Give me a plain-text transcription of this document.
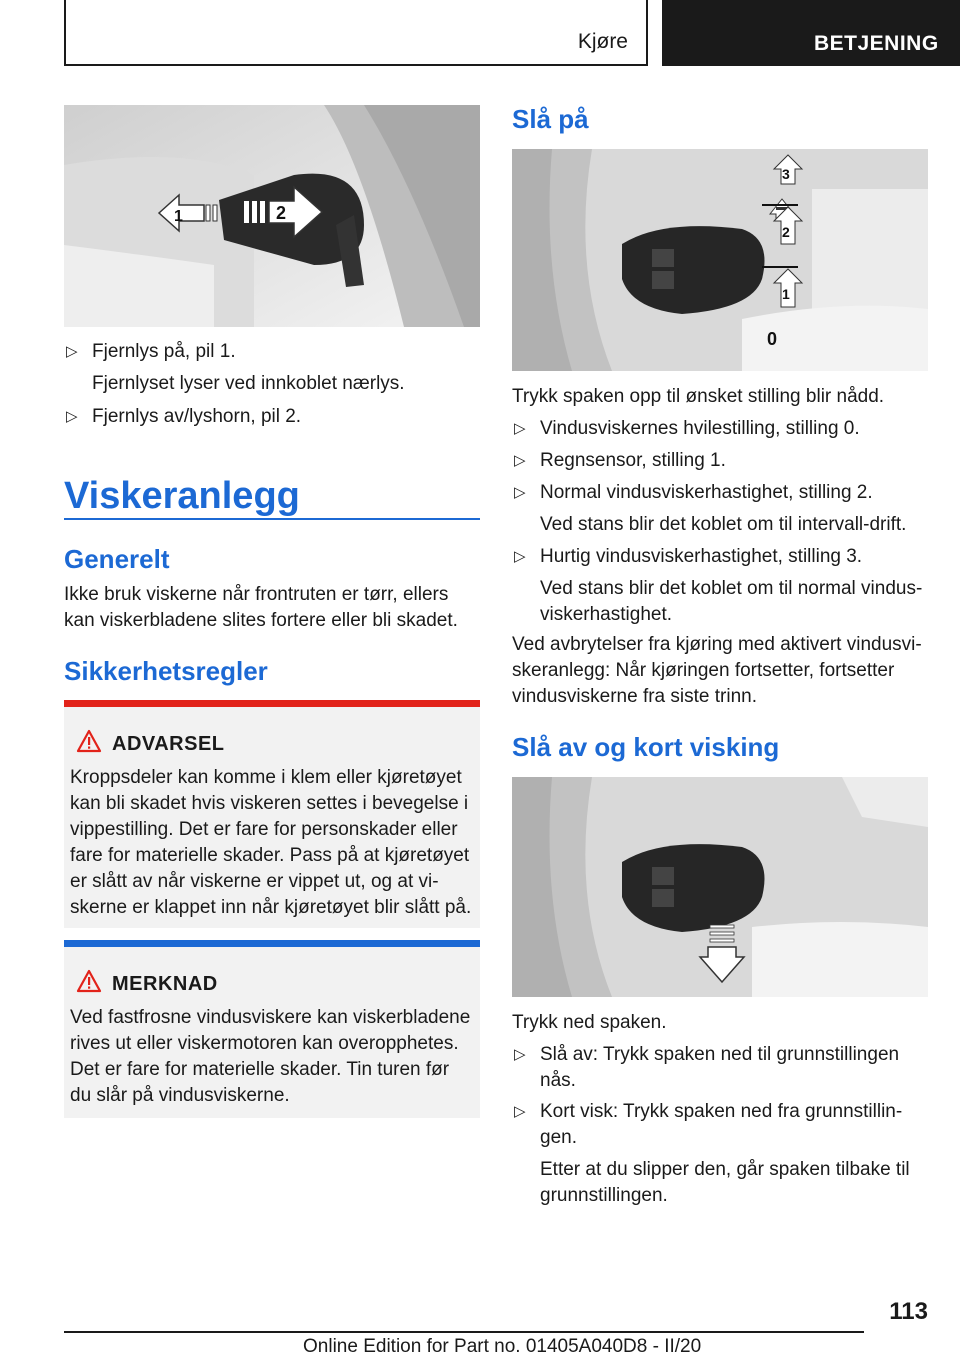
Kjøre	BETJENING
1	2
▷ Fjernlys på, pil 1.
Fjernlyset lyser ved innkoblet nærlys.
▷ Fjernlys av/lyshorn, pil 2.
Viskeranlegg
Generelt
Ikke bruk viskerne når frontruten er tørr, ellers kan viskerbladene slites fortere eller bli skadet.
Sikkerhetsregler
ADVARSEL
Kroppsdeler kan komme i klem eller kjøretøyet kan bli skadet hvis viskeren settes i bevegelse i vippestilling. Det er fare for personskader eller fare for materielle skader. Pass på at kjøretøyet er slått av når viskerne er vippet ut, og at viskerne er klappet inn når kjøretøyet blir slått på.
MERKNAD
Ved fastfrosne vindusviskere kan viskerbladene rives ut eller viskermotoren kan overopphetes. Det er fare for materielle skader. Tin turen før du slår på vindusviskerne.
Slå på
3
2
1
0
Trykk spaken opp til ønsket stilling blir nådd.
▷ Vindusviskernes hvilestilling, stilling 0.
▷ Regnsensor, stilling 1.
▷ Normal vindusviskerhastighet, stilling 2.
Ved stans blir det koblet om til intervall-drift.
▷ Hurtig vindusviskerhastighet, stilling 3.
Ved stans blir det koblet om til normal vindusviskerhastighet.
Ved avbrytelser fra kjøring med aktivert vindusviskeranlegg: Når kjøringen fortsetter, fortsetter vindusviskerne fra siste trinn.
Slå av og kort visking
Trykk ned spaken.
▷ Slå av: Trykk spaken ned til grunnstillingen nås.
▷ Kort visk: Trykk spaken ned fra grunnstillingen.
Etter at du slipper den, går spaken tilbake til grunnstillingen.
113
Online Edition for Part no. 01405A040D8 - II/20
